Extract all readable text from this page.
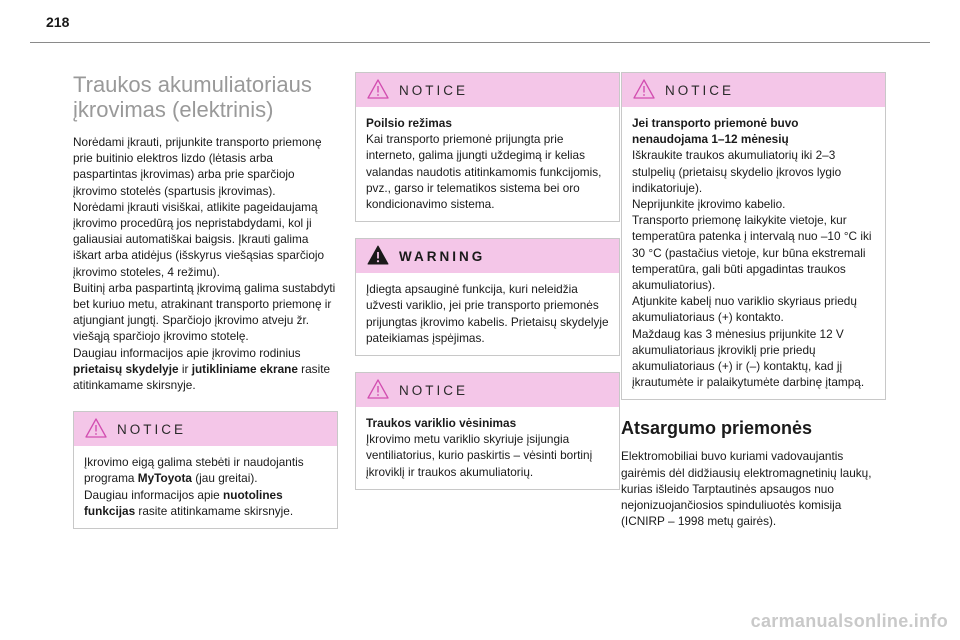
218
Traukos akumuliatoriaus
įkrovimas (elektrinis)

Norėdami įkrauti, prijunkite transporto priemonę prie buitinio elektros lizdo (lėtasis arba paspartintas įkrovimas) arba prie sparčiojo įkrovimo stotelės (spartusis įkrovimas).

Norėdami įkrauti visiškai, atlikite pageidaujamą įkrovimo procedūrą jos nepristabdydami, kol ji galiausiai automatiškai baigsis. Įkrauti galima iškart arba atidėjus (išskyrus viešąsias sparčiojo įkrovimo stoteles, 4 režimu).

Buitinį arba paspartintą įkrovimą galima sustabdyti bet kuriuo metu, atrakinant transporto priemonę ir atjungiant jungtį. Sparčiojo įkrovimo atveju žr. viešąją sparčiojo įkrovimo stotelę.

Daugiau informacijos apie įkrovimo rodinius prietaisų skydelyje ir jutikliniame ekrane rasite atitinkamame skirsnyje.

NOTICE

Įkrovimo eigą galima stebėti ir naudojantis programa MyToyota (jau greitai).

Daugiau informacijos apie nuotolines funkcijas rasite atitinkamame skirsnyje.

NOTICE

Poilsio režimas

Kai transporto priemonė prijungta prie interneto, galima įjungti uždegimą ir kelias valandas naudotis atitinkamomis funkcijomis, pvz., garso ir telematikos sistema bei oro kondicionavimo sistema.

WARNING

Įdiegta apsauginė funkcija, kuri neleidžia užvesti variklio, jei prie transporto priemonės prijungtas įkrovimo kabelis. Prietaisų skydelyje pateikiamas įspėjimas.

NOTICE

Traukos variklio vėsinimas

Įkrovimo metu variklio skyriuje įsijungia ventiliatorius, kurio paskirtis – vėsinti bortinį įkroviklį ir traukos akumuliatorių.

NOTICE

Jei transporto priemonė buvo nenaudojama 1–12 mėnesių

Iškraukite traukos akumuliatorių iki 2–3 stulpelių (prietaisų skydelio įkrovos lygio indikatoriuje).

Neprijunkite įkrovimo kabelio.

Transporto priemonę laikykite vietoje, kur temperatūra patenka į intervalą nuo –10 °C iki 30 °C (pastačius vietoje, kur būna ekstremali temperatūra, gali būti apgadintas traukos akumuliatorius).

Atjunkite kabelį nuo variklio skyriaus priedų akumuliatoriaus (+) kontakto.

Maždaug kas 3 mėnesius prijunkite 12 V akumuliatoriaus įkroviklį prie priedų akumuliatoriaus (+) ir (–) kontaktų, kad jį įkrautumėte ir palaikytumėte darbinę įtampą.

Atsargumo priemonės

Elektromobiliai buvo kuriami vadovaujantis gairėmis dėl didžiausių elektromagnetinių laukų, kurias išleido Tarptautinės apsaugos nuo nejonizuojančiosios spinduliuotės komisija (ICNIRP – 1998 metų gairės).

carmanualsonline.info
